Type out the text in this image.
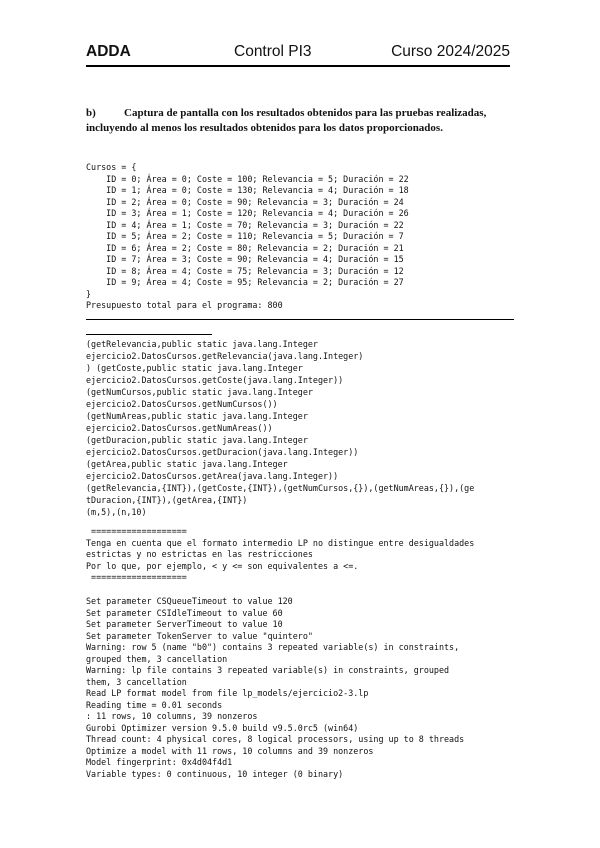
ADDA	Control PI3	Curso 2024/2025
b)	Captura de pantalla con los resultados obtenidos para las pruebas realizadas, incluyendo al menos los resultados obtenidos para los datos proporcionados.
Cursos = {
ID = 0; Área = 0; Coste = 100; Relevancia = 5; Duración = 22
ID = 1; Área = 0; Coste = 130; Relevancia = 4; Duración = 18
ID = 2; Área = 0; Coste = 90; Relevancia = 3; Duración = 24
ID = 3; Área = 1; Coste = 120; Relevancia = 4; Duración = 26
ID = 4; Área = 1; Coste = 70; Relevancia = 3; Duración = 22
ID = 5; Área = 2; Coste = 110; Relevancia = 5; Duración = 7
ID = 6; Área = 2; Coste = 80; Relevancia = 2; Duración = 21
ID = 7; Área = 3; Coste = 90; Relevancia = 4; Duración = 15
ID = 8; Área = 4; Coste = 75; Relevancia = 3; Duración = 12
ID = 9; Área = 4; Coste = 95; Relevancia = 2; Duración = 27
}
Presupuesto total para el programa: 800
(getRelevancia,public static java.lang.Integer
ejercicio2.DatosCursos.getRelevancia(java.lang.Integer)
) (getCoste,public static java.lang.Integer
ejercicio2.DatosCursos.getCoste(java.lang.Integer))
(getNumCursos,public static java.lang.Integer
ejercicio2.DatosCursos.getNumCursos())
(getNumAreas,public static java.lang.Integer
ejercicio2.DatosCursos.getNumAreas())
(getDuracion,public static java.lang.Integer
ejercicio2.DatosCursos.getDuracion(java.lang.Integer))
(getArea,public static java.lang.Integer
ejercicio2.DatosCursos.getArea(java.lang.Integer))
(getRelevancia,{INT}),(getCoste,{INT}),(getNumCursos,{}),(getNumAreas,{}),(ge
tDuracion,{INT}),(getArea,{INT})
(m,5),(n,10)
===================
Tenga en cuenta que el formato intermedio LP no distingue entre desigualdades
estrictas y no estrictas en las restricciones
Por lo que, por ejemplo, < y <= son equivalentes a <=.
===================
Set parameter CSQueueTimeout to value 120
Set parameter CSIdleTimeout to value 60
Set parameter ServerTimeout to value 10
Set parameter TokenServer to value "quintero"
Warning: row 5 (name "b0") contains 3 repeated variable(s) in constraints,
grouped them, 3 cancellation
Warning: lp file contains 3 repeated variable(s) in constraints, grouped
them, 3 cancellation
Read LP format model from file lp_models/ejercicio2-3.lp
Reading time = 0.01 seconds
: 11 rows, 10 columns, 39 nonzeros
Gurobi Optimizer version 9.5.0 build v9.5.0rc5 (win64)
Thread count: 4 physical cores, 8 logical processors, using up to 8 threads
Optimize a model with 11 rows, 10 columns and 39 nonzeros
Model fingerprint: 0x4d04f4d1
Variable types: 0 continuous, 10 integer (0 binary)
